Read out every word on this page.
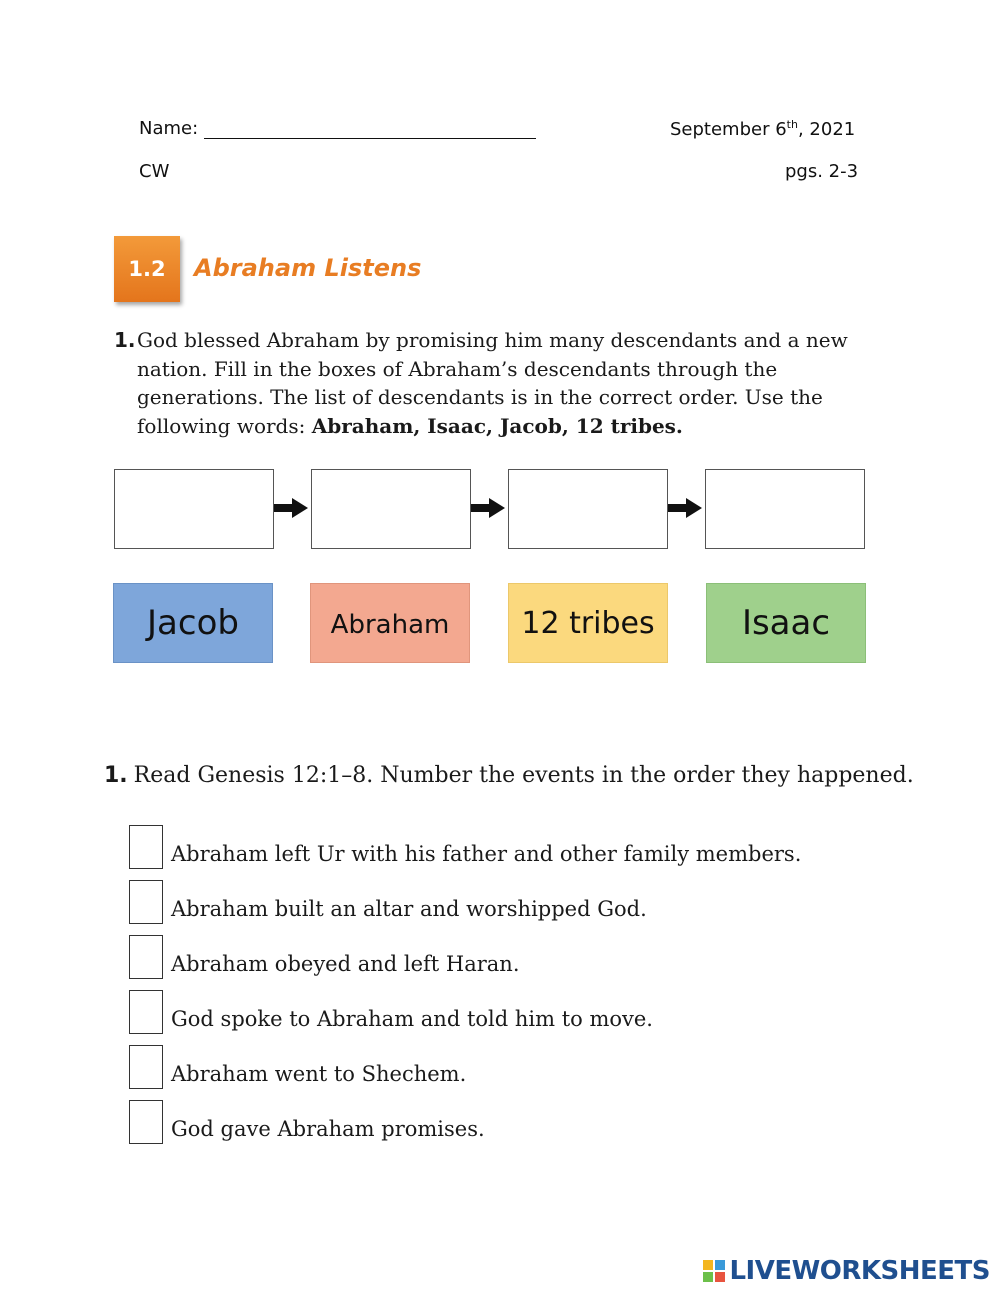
Name:	September 6th, 2021
CW	pgs. 2-3
1.2	Abraham Listens
1. God blessed Abraham by promising him many descendants and a new nation. Fill in the boxes of Abraham’s descendants through the generations. The list of descendants is in the correct order. Use the following words: Abraham, Isaac, Jacob, 12 tribes.
Jacob	Abraham	12 tribes	Isaac
1. Read Genesis 12:1–8. Number the events in the order they happened.
Abraham left Ur with his father and other family members.
Abraham built an altar and worshipped God.
Abraham obeyed and left Haran.
God spoke to Abraham and told him to move.
Abraham went to Shechem.
God gave Abraham promises.
LIVEWORKSHEETS
